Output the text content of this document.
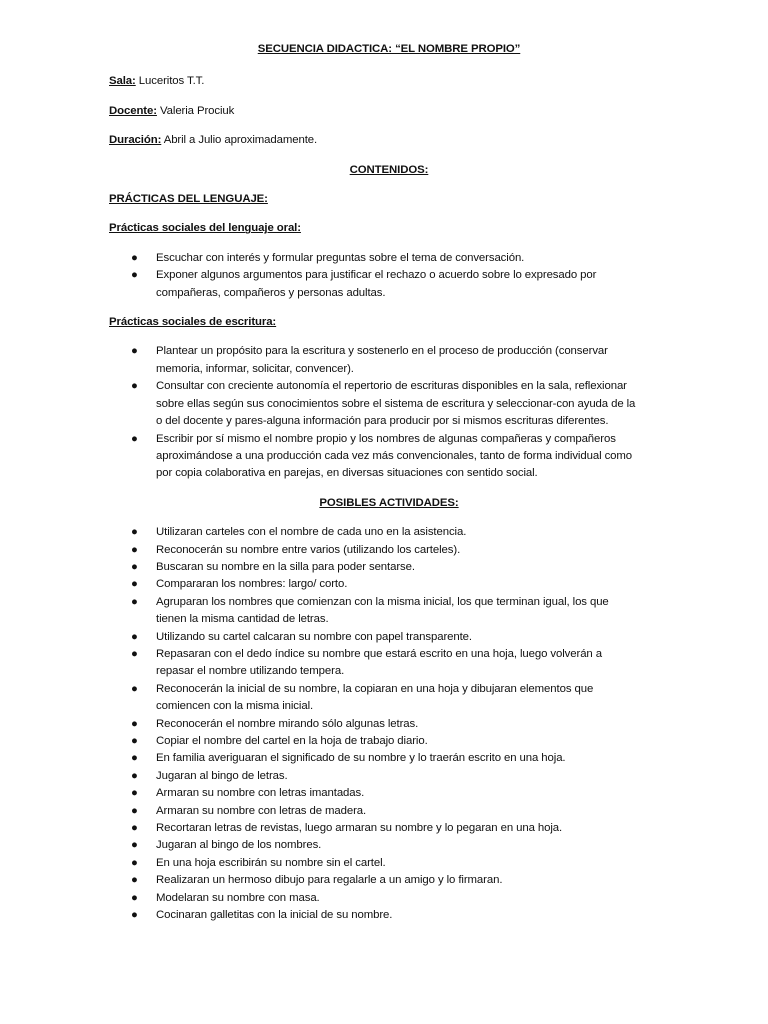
SECUENCIA DIDACTICA: “EL NOMBRE PROPIO”
Sala: Luceritos T.T.
Docente: Valeria Prociuk
Duración: Abril a Julio aproximadamente.
CONTENIDOS:
PRÁCTICAS DEL LENGUAJE:
Prácticas sociales del lenguaje oral:
● Escuchar con interés y formular preguntas sobre el tema de conversación.
● Exponer algunos argumentos para justificar el rechazo o acuerdo sobre lo expresado por
compañeras, compañeros y personas adultas.
Prácticas sociales de escritura:
● Plantear un propósito para la escritura y sostenerlo en el proceso de producción (conservar
memoria, informar, solicitar, convencer).
● Consultar con creciente autonomía el repertorio de escrituras disponibles en la sala, reflexionar
sobre ellas según sus conocimientos sobre el sistema de escritura y seleccionar-con ayuda de la
o del docente y pares-alguna información para producir por si mismos escrituras diferentes.
● Escribir por sí mismo el nombre propio y los nombres de algunas compañeras y compañeros
aproximándose a una producción cada vez más convencionales, tanto de forma individual como
por copia colaborativa en parejas, en diversas situaciones con sentido social.
POSIBLES ACTIVIDADES:
● Utilizaran carteles con el nombre de cada uno en la asistencia.
● Reconocerán su nombre entre varios (utilizando los carteles).
● Buscaran su nombre en la silla para poder sentarse.
● Compararan los nombres: largo/ corto.
● Agruparan los nombres que comienzan con la misma inicial, los que terminan igual, los que
tienen la misma cantidad de letras.
● Utilizando su cartel calcaran su nombre con papel transparente.
● Repasaran con el dedo índice su nombre que estará escrito en una hoja, luego volverán a
repasar el nombre utilizando tempera.
● Reconocerán la inicial de su nombre, la copiaran en una hoja y dibujaran elementos que
comiencen con la misma inicial.
● Reconocerán el nombre mirando sólo algunas letras.
● Copiar el nombre del cartel en la hoja de trabajo diario.
● En familia averiguaran el significado de su nombre y lo traerán escrito en una hoja.
● Jugaran al bingo de letras.
● Armaran su nombre con letras imantadas.
● Armaran su nombre con letras de madera.
● Recortaran letras de revistas, luego armaran su nombre y lo pegaran en una hoja.
● Jugaran al bingo de los nombres.
● En una hoja escribirán su nombre sin el cartel.
● Realizaran un hermoso dibujo para regalarle a un amigo y lo firmaran.
● Modelaran su nombre con masa.
● Cocinaran galletitas con la inicial de su nombre.
